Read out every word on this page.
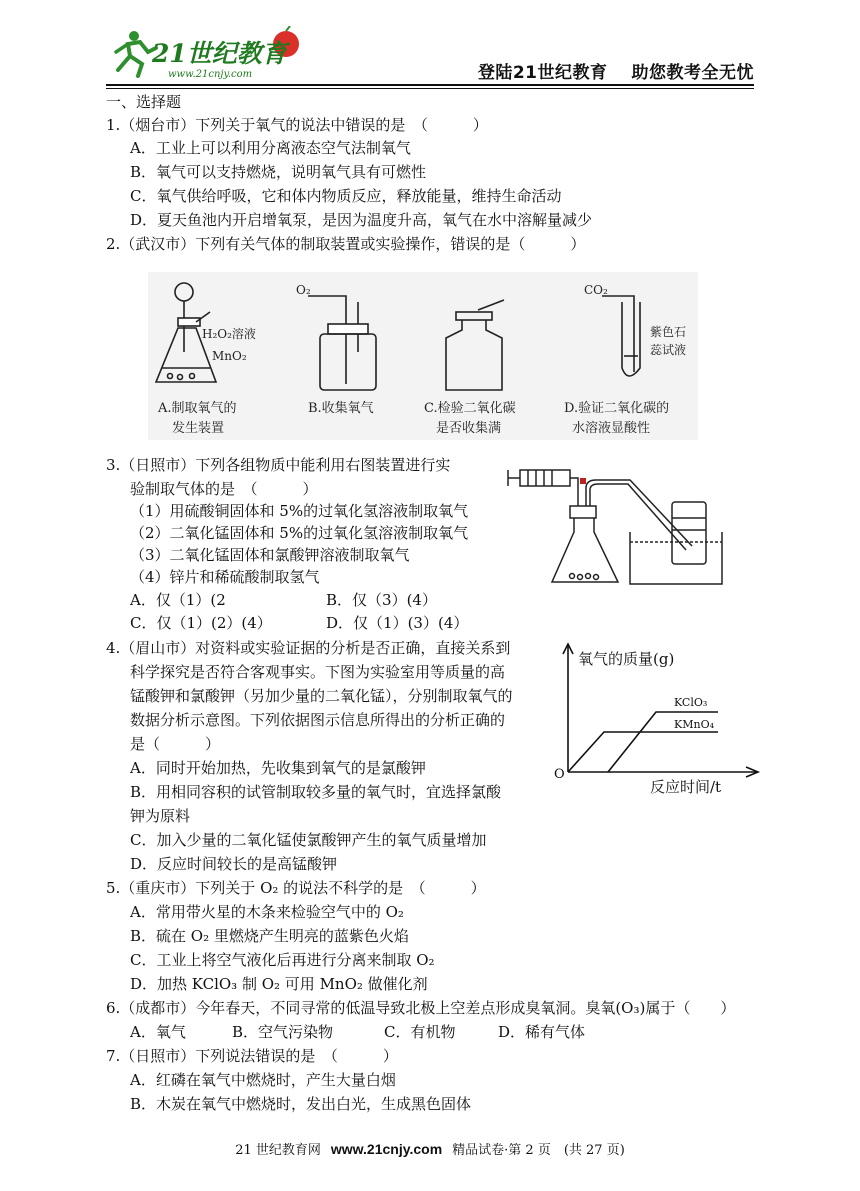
21世纪教育
www.21cnjy.com	登陆21世纪教育 助您教考全无忧
一、选择题
1.（烟台市）下列关于氧气的说法中错误的是　（　　　）
A．工业上可以利用分离液态空气法制氧气
B．氧气可以支持燃烧，说明氧气具有可燃性
C．氧气供给呼吸，它和体内物质反应，释放能量，维持生命活动
D．夏天鱼池内开启增氧泵，是因为温度升高，氧气在水中溶解量减少
2.（武汉市）下列有关气体的制取装置或实验操作，错误的是（　　　）
H₂O₂溶液
MnO₂
A.制取氧气的
发生装置
O₂
B.收集氧气	C.检验二氧化碳
是否收集满
CO₂
紫色石
蕊试液
D.验证二氧化碳的
水溶液显酸性
3.（日照市）下列各组物质中能利用右图装置进行实
验制取气体的是　（　　　）
（1）用硫酸铜固体和 5%的过氧化氢溶液制取氧气
（2）二氧化锰固体和 5%的过氧化氢溶液制取氧气
（3）二氧化锰固体和氯酸钾溶液制取氧气
（4）锌片和稀硫酸制取氢气
A．仅（1）(2	B．仅（3）(4）
C．仅（1）(2）(4）	D．仅（1）(3）(4）
4.（眉山市）对资料或实验证据的分析是否正确，直接关系到
科学探究是否符合客观事实。下图为实验室用等质量的高
锰酸钾和氯酸钾（另加少量的二氧化锰），分别制取氧气的
数据分析示意图。下列依据图示信息所得出的分析正确的
是（　　　）
A．同时开始加热，先收集到氧气的是氯酸钾
B．用相同容积的试管制取较多量的氧气时，宜选择氯酸
钾为原料
C．加入少量的二氧化锰使氯酸钾产生的氧气质量增加
D．反应时间较长的是高锰酸钾
氧气的质量(g)
O
反应时间/t
KClO₃
KMnO₄
5.（重庆市）下列关于 O₂ 的说法不科学的是　（　　　）
A．常用带火星的木条来检验空气中的 O₂
B．硫在 O₂ 里燃烧产生明亮的蓝紫色火焰
C．工业上将空气液化后再进行分离来制取 O₂
D．加热 KClO₃ 制 O₂ 可用 MnO₂ 做催化剂
6.（成都市）今年春天，不同寻常的低温导致北极上空差点形成臭氧洞。臭氧(O₃)属于（　　）
A．氧气	B．空气污染物	C．有机物	D．稀有气体
7.（日照市）下列说法错误的是　（　　　）
A．红磷在氧气中燃烧时，产生大量白烟
B．木炭在氧气中燃烧时，发出白光，生成黑色固体
21 世纪教育网 www.21cnjy.com 精品试卷·第 2 页　(共 27 页)
